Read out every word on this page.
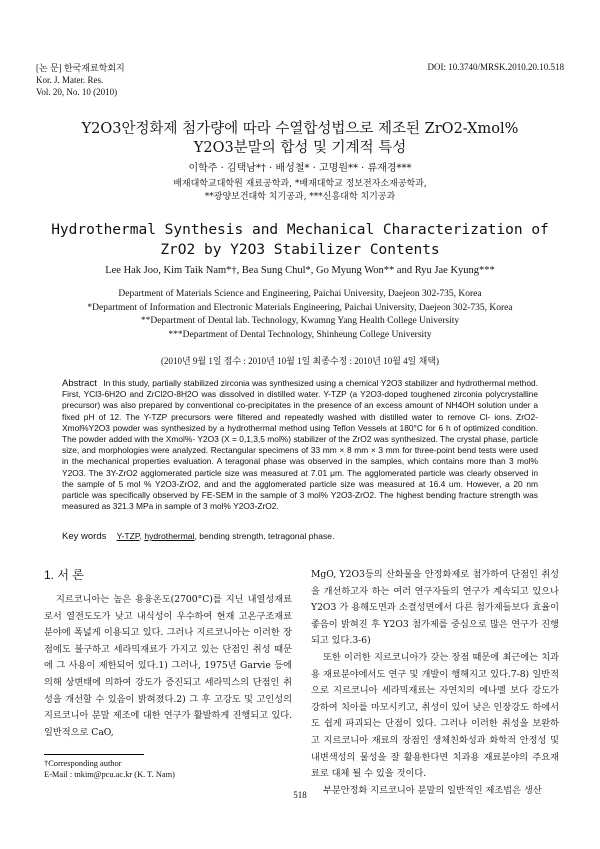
[논 문] 한국재료학회지
Kor. J. Mater. Res.
Vol. 20, No. 10 (2010)
DOI: 10.3740/MRSK.2010.20.10.518
Y2O3안정화제 첨가량에 따라 수열합성법으로 제조된 ZrO2-Xmol%
Y2O3분말의 합성 및 기계적 특성
이학주 · 김택남*† · 배성철* · 고명원** · 류재경***
배재대학교대학원 재료공학과, *배재대학교 정보전자소재공학과,
**광양보건대학 치기공과, ***신흥대학 치기공과
Hydrothermal Synthesis and Mechanical Characterization of
ZrO2 by Y2O3 Stabilizer Contents
Lee Hak Joo, Kim Taik Nam*†, Bea Sung Chul*, Go Myung Won** and Ryu Jae Kyung***
Department of Materials Science and Engineering, Paichai University, Daejeon 302-735, Korea
*Department of Information and Electronic Materials Engineering, Paichai University, Daejeon 302-735, Korea
**Department of Dental lab. Technology, Kwamng Yang Health College University
***Department of Dental Technology, Shinheung College University
(2010년 9월 1일 접수 : 2010년 10월 1일 최종수정 : 2010년 10월 4일 채택)
Abstract In this study, partially stabilized zirconia was synthesized using a chemical Y2O3 stabilizer and hydrothermal method. First, YCl3-6H2O and ZrCl2O-8H2O was dissolved in distilled water. Y-TZP (a Y2O3-doped toughened zirconia polycrystalline precursor) was also prepared by conventional co-precipitates in the presence of an excess amount of NH4OH solution under a fixed pH of 12. The Y-TZP precursors were filtered and repeatedly washed with distilled water to remove Cl- ions. ZrO2-Xmol%Y2O3 powder was synthesized by a hydrothermal method using Teflon Vessels at 180°C for 6 h of optimized condition. The powder added with the Xmol%- Y2O3 (X = 0,1,3,5 mol%) stabilizer of the ZrO2 was synthesized. The crystal phase, particle size, and morphologies were analyzed. Rectangular specimens of 33 mm × 8 mm × 3 mm for three-point bend tests were used in the mechanical properties evaluation. A teragonal phase was observed in the samples, which contains more than 3 mol% Y2O3. The 3Y-ZrO2 agglomerated particle size was measured at 7.01 μm. The agglomerated particle was clearly observed in the sample of 5 mol % Y2O3-ZrO2, and and the agglomerated particle size was measured at 16.4 um. However, a 20 nm particle was specifically observed by FE-SEM in the sample of 3 mol% Y2O3-ZrO2. The highest bending fracture strength was measured as 321.3 MPa in sample of 3 mol% Y2O3-ZrO2.
Key words Y-TZP, hydrothermal, bending strength, tetragonal phase.
1. 서 론

지르코니아는 높은 용융온도(2700°C)를 지닌 내열성재료로서 열전도도가 낮고 내식성이 우수하여 현재 고온구조재료분야에 폭넓게 이용되고 있다. 그러나 지르코니아는 이러한 장점에도 불구하고 세라믹재료가 가지고 있는 단점인 취성 때문에 그 사용이 제한되어 있다.1) 그러나, 1975년 Garvie 등에 의해 상변태에 의하여 강도가 증진되고 세라믹스의 단점인 취성을 개선할 수 있음이 밝혀졌다.2) 그 후 고강도 및 고인성의 지르코니아 분말 제조에 대한 연구가 활발하게 진행되고 있다. 일반적으로 CaO,

MgO, Y2O3등의 산화물을 안정화제로 첨가하여 단점인 취성을 개선하고자 하는 여러 연구자들의 연구가 계속되고 있으나 Y2O3 가 용해도면과 소결성면에서 다른 첨가제들보다 효율이 좋음이 밝혀진 후 Y2O3 첨가제를 중심으로 많은 연구가 진행되고 있다.3-6)

또한 이러한 지르코니아가 갖는 장점 때문에 최근에는 치과용 재료분야에서도 연구 및 개발이 행해지고 있다.7-8) 일반적으로 지르코니아 세라믹재료는 자연치의 에나멜 보다 강도가 강하여 치아를 마모시키고, 취성이 있어 낮은 인장강도 하에서도 쉽게 파괴되는 단점이 있다. 그러나 이러한 취성을 보완하고 지르코니아 재료의 장점인 생체친화성과 화학적 안정성 및 내변색성의 물성을 잘 활용한다면 치과용 재료분야의 주요재료로 대체 될 수 있을 것이다.

부분안정화 지르코니아 분말의 일반적인 제조법은 생산

†Corresponding author
E-Mail : tnkim@pcu.ac.kr (K. T. Nam)
518
